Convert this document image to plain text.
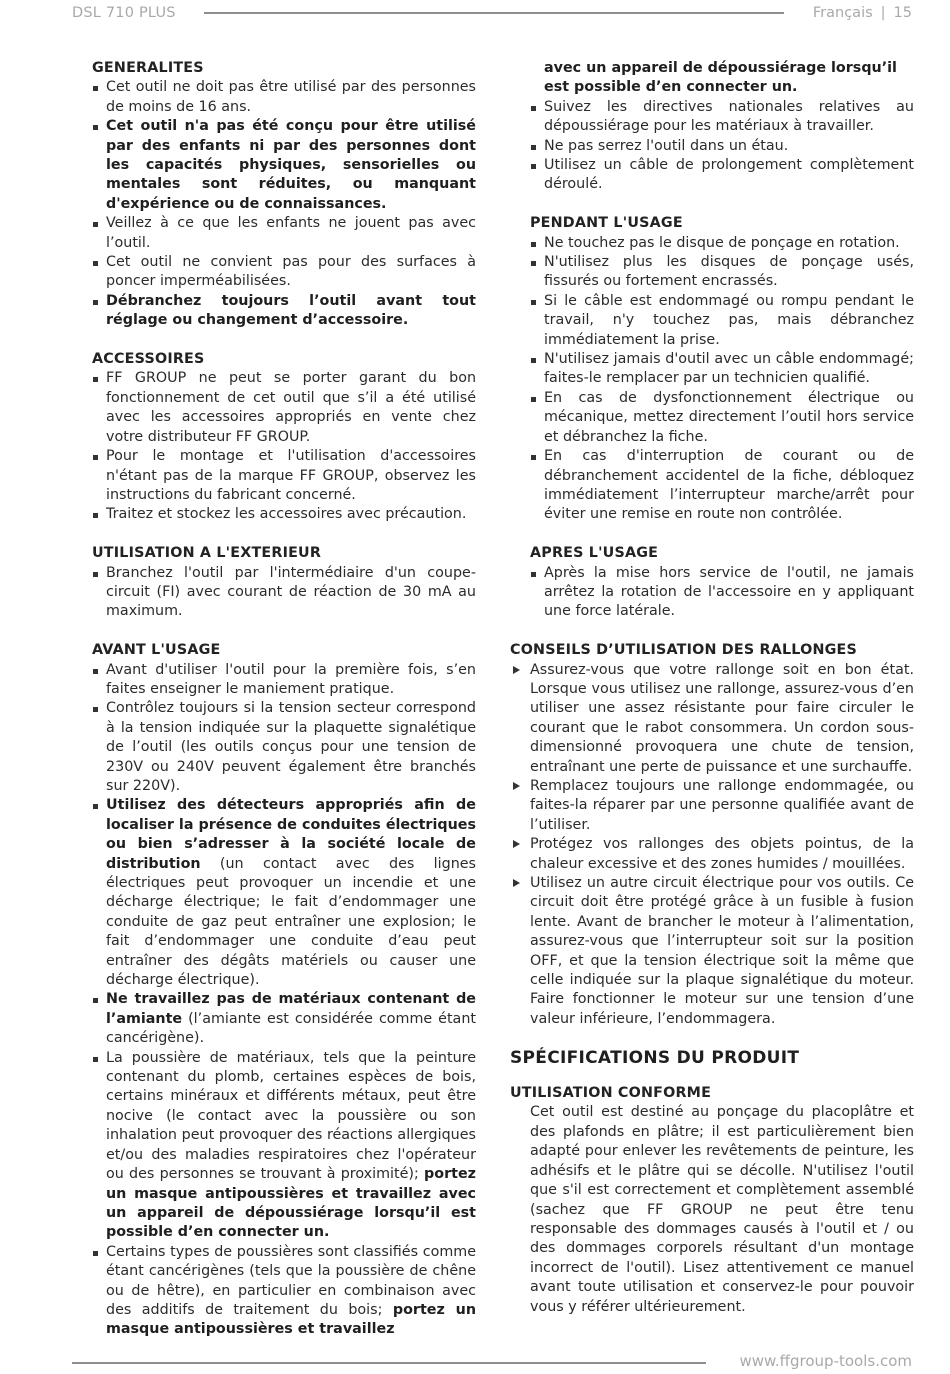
DSL 710 PLUS	Français | 15
GENERALITES
Cet outil ne doit pas être utilisé par des personnes de moins de 16 ans.
Cet outil n'a pas été conçu pour être utilisé par des enfants ni par des personnes dont les capacités physiques, sensorielles ou mentales sont réduites, ou manquant d'expérience ou de connaissances.
Veillez à ce que les enfants ne jouent pas avec l’outil.
Cet outil ne convient pas pour des surfaces à poncer imperméabilisées.
Débranchez toujours l’outil avant tout réglage ou changement d’accessoire.
ACCESSOIRES
FF GROUP ne peut se porter garant du bon fonctionnement de cet outil que s’il a été utilisé avec les accessoires appropriés en vente chez votre distributeur FF GROUP.
Pour le montage et l'utilisation d'accessoires n'étant pas de la marque FF GROUP, observez les instructions du fabricant concerné.
Traitez et stockez les accessoires avec précaution.
UTILISATION A L'EXTERIEUR
Branchez l'outil par l'intermédiaire d'un coupe-circuit (FI) avec courant de réaction de 30 mA au maximum.
AVANT L'USAGE
Avant d'utiliser l'outil pour la première fois, s’en faites enseigner le maniement pratique.
Contrôlez toujours si la tension secteur correspond à la tension indiquée sur la plaquette signalétique de l’outil (les outils conçus pour une tension de 230V ou 240V peuvent également être branchés sur 220V).
Utilisez des détecteurs appropriés afin de localiser la présence de conduites électriques ou bien s’adresser à la société locale de distribution (un contact avec des lignes électriques peut provoquer un incendie et une décharge électrique; le fait d’endommager une conduite de gaz peut entraîner une explosion; le fait d’endommager une conduite d’eau peut entraîner des dégâts matériels ou causer une décharge électrique).
Ne travaillez pas de matériaux contenant de l’amiante (l’amiante est considérée comme étant cancérigène).
La poussière de matériaux, tels que la peinture contenant du plomb, certaines espèces de bois, certains minéraux et différents métaux, peut être nocive (le contact avec la poussière ou son inhalation peut provoquer des réactions allergiques et/ou des maladies respiratoires chez l'opérateur ou des personnes se trouvant à proximité); portez un masque antipoussières et travaillez avec un appareil de dépoussiérage lorsqu’il est possible d’en connecter un.
Certains types de poussières sont classifiés comme étant cancérigènes (tels que la poussière de chêne ou de hêtre), en particulier en combinaison avec des additifs de traitement du bois; portez un masque antipoussières et travaillez
avec un appareil de dépoussiérage lorsqu’il est possible d’en connecter un.
Suivez les directives nationales relatives au dépoussiérage pour les matériaux à travailler.
Ne pas serrez l'outil dans un étau.
Utilisez un câble de prolongement complètement déroulé.
PENDANT L'USAGE
Ne touchez pas le disque de ponçage en rotation.
N'utilisez plus les disques de ponçage usés, fissurés ou fortement encrassés.
Si le câble est endommagé ou rompu pendant le travail, n'y touchez pas, mais débranchez immédiatement la prise.
N'utilisez jamais d'outil avec un câble endommagé; faites-le remplacer par un technicien qualifié.
En cas de dysfonctionnement électrique ou mécanique, mettez directement l’outil hors service et débranchez la fiche.
En cas d'interruption de courant ou de débranchement accidentel de la fiche, débloquez immédiatement l’interrupteur marche/arrêt pour éviter une remise en route non contrôlée.
APRES L'USAGE
Après la mise hors service de l'outil, ne jamais arrêtez la rotation de l'accessoire en y appliquant une force latérale.
CONSEILS D’UTILISATION DES RALLONGES
Assurez-vous que votre rallonge soit en bon état. Lorsque vous utilisez une rallonge, assurez-vous d’en utiliser une assez résistante pour faire circuler le courant que le rabot consommera. Un cordon sous-dimensionné provoquera une chute de tension, entraînant une perte de puissance et une surchauffe.
Remplacez toujours une rallonge endommagée, ou faites-la réparer par une personne qualifiée avant de l’utiliser.
Protégez vos rallonges des objets pointus, de la chaleur excessive et des zones humides / mouillées.
Utilisez un autre circuit électrique pour vos outils. Ce circuit doit être protégé grâce à un fusible à fusion lente. Avant de brancher le moteur à l’alimentation, assurez-vous que l’interrupteur soit sur la position OFF, et que la tension électrique soit la même que celle indiquée sur la plaque signalétique du moteur. Faire fonctionner le moteur sur une tension d’une valeur inférieure, l’endommagera.
SPÉCIFICATIONS DU PRODUIT
UTILISATION CONFORME
Cet outil est destiné au ponçage du placoplâtre et des plafonds en plâtre; il est particulièrement bien adapté pour enlever les revêtements de peinture, les adhésifs et le plâtre qui se décolle. N'utilisez l'outil que s'il est correctement et complètement assemblé (sachez que FF GROUP ne peut être tenu responsable des dommages causés à l'outil et / ou des dommages corporels résultant d'un montage incorrect de l'outil). Lisez attentivement ce manuel avant toute utilisation et conservez-le pour pouvoir vous y référer ultérieurement.
www.ffgroup-tools.com
